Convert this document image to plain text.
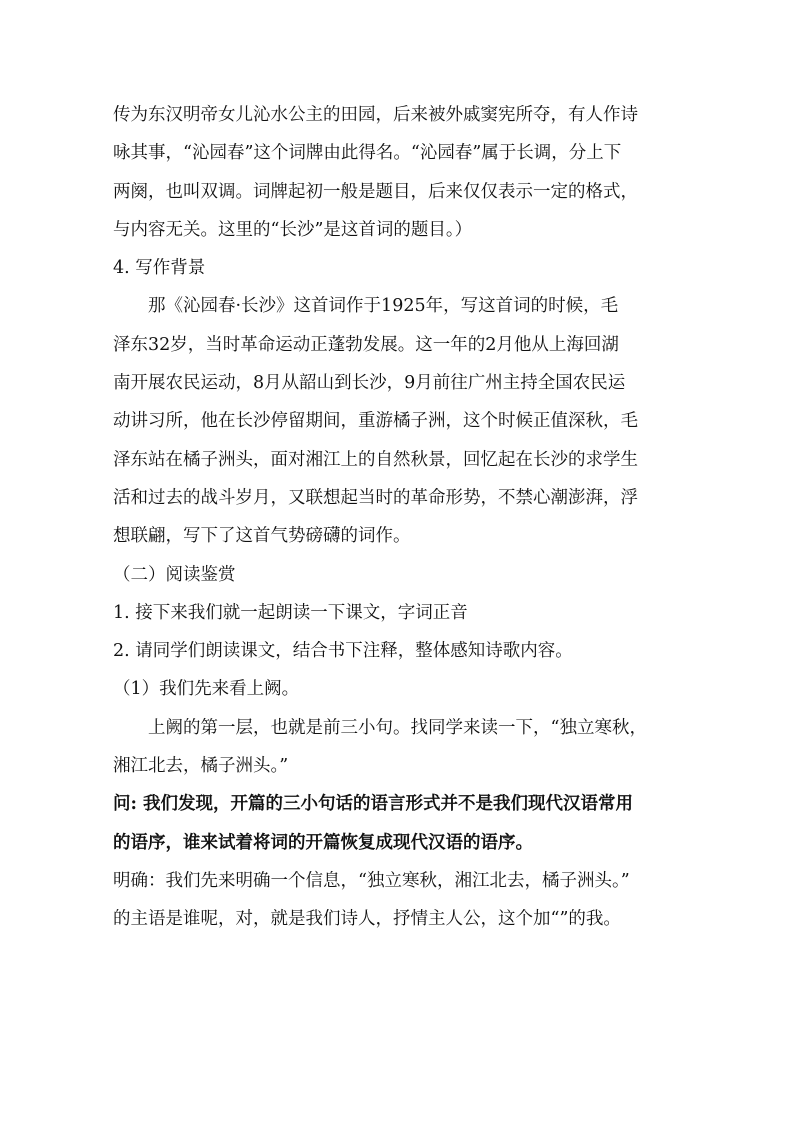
传为东汉明帝女儿沁水公主的田园，后来被外戚窦宪所夺，有人作诗
咏其事，“沁园春”这个词牌由此得名。“沁园春”属于长调，分上下
两阕，也叫双调。词牌起初一般是题目，后来仅仅表示一定的格式，
与内容无关。这里的“长沙”是这首词的题目。）
4. 写作背景
那《沁园春·长沙》这首词作于1925年，写这首词的时候，毛
泽东32岁，当时革命运动正蓬勃发展。这一年的2月他从上海回湖
南开展农民运动，8月从韶山到长沙，9月前往广州主持全国农民运
动讲习所，他在长沙停留期间，重游橘子洲，这个时候正值深秋，毛
泽东站在橘子洲头，面对湘江上的自然秋景，回忆起在长沙的求学生
活和过去的战斗岁月，又联想起当时的革命形势，不禁心潮澎湃，浮
想联翩，写下了这首气势磅礴的词作。
（二）阅读鉴赏
1. 接下来我们就一起朗读一下课文，字词正音
2. 请同学们朗读课文，结合书下注释，整体感知诗歌内容。
（1）我们先来看上阙。
上阙的第一层，也就是前三小句。找同学来读一下，“独立寒秋，
湘江北去，橘子洲头。”
问: 我们发现，开篇的三小句话的语言形式并不是我们现代汉语常用
的语序，谁来试着将词的开篇恢复成现代汉语的语序。
明确：我们先来明确一个信息，“独立寒秋，湘江北去，橘子洲头。”
的主语是谁呢，对，就是我们诗人，抒情主人公，这个加“”的我。
